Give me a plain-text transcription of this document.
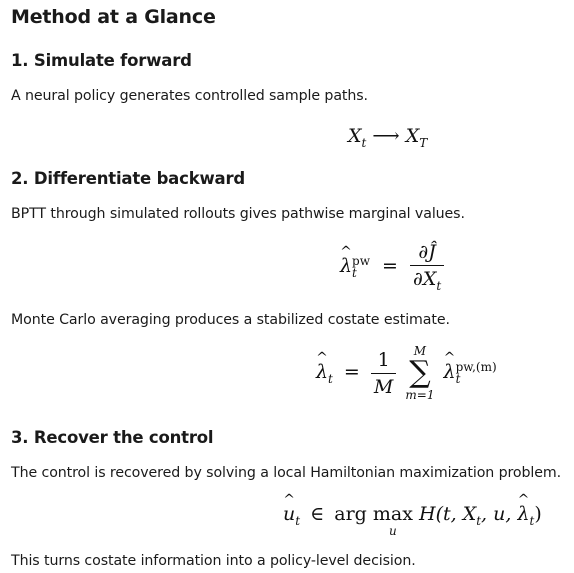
Method at a Glance
1. Simulate forward
A neural policy generates controlled sample paths.
$X_t$ ⟶ $X_T$
2. Differentiate backward
BPTT through simulated rollouts gives pathwise marginal values.
^ λ pw
t	= $\frac{\partial Ĵ}{\partial X_t}$
Monte Carlo averaging produces a stabilized costate estimate.
^ $\lambda_t = \frac{1}{M}$
M
∑
m=1
^ λ pw,(m)
t
3. Recover the control
The control is recovered by solving a local Hamiltonian maximization problem.
^ $u_t$ ∈ arg max
u
H(t, $X_t$, u, ^ $\lambda_t$)
This turns costate information into a policy-level decision.
